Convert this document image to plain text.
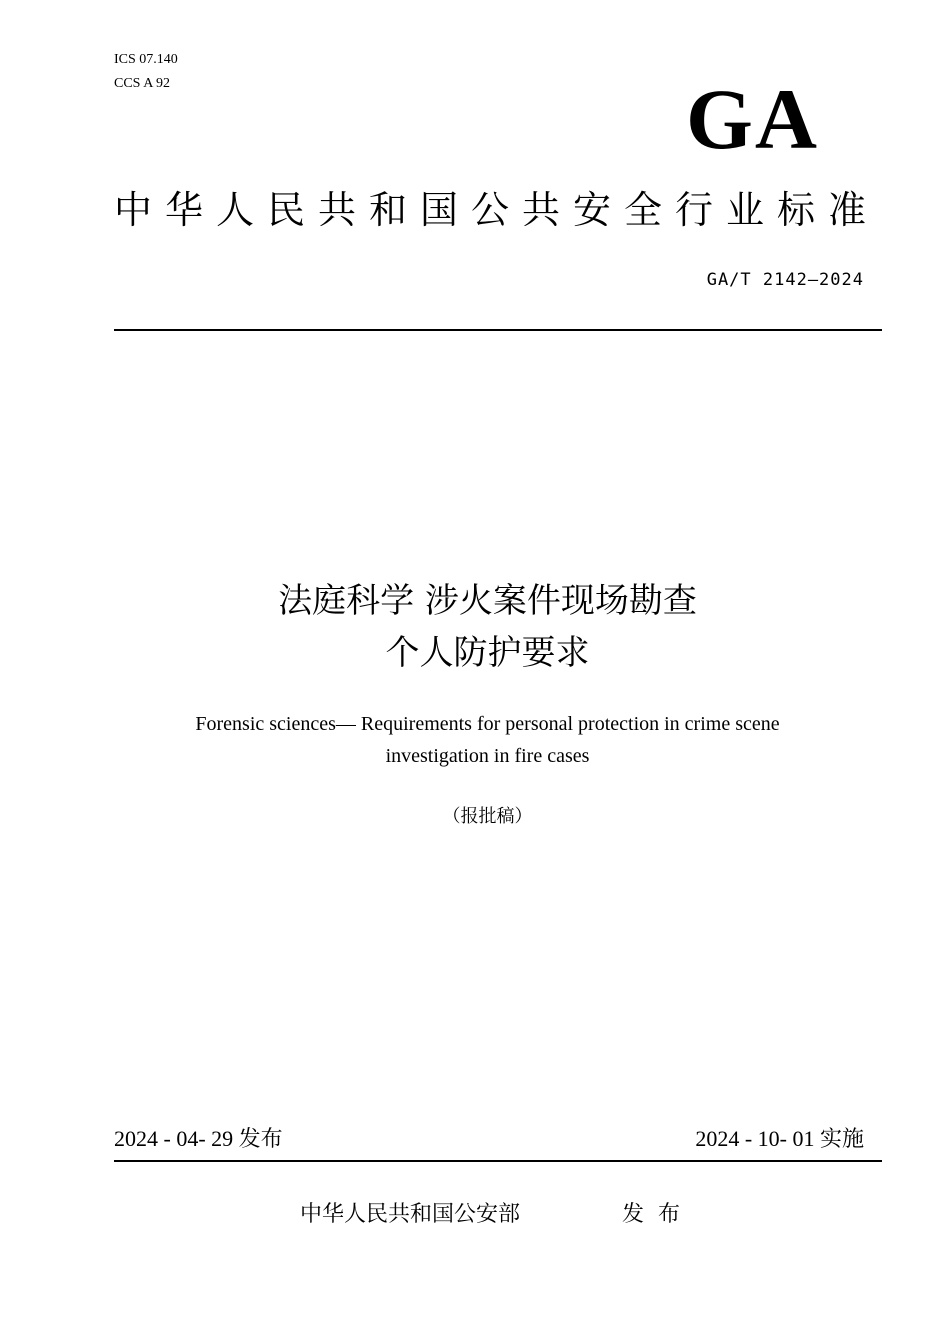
ICS 07.140
CCS A 92	GA
中华人民共和国公共安全行业标准
GA/T 2142—2024
法庭科学 涉火案件现场勘查
个人防护要求
Forensic sciences— Requirements for personal protection in crime scene
investigation in fire cases
（报批稿）
2024 - 04- 29 发布	2024 - 10- 01 实施
中华人民共和国公安部	发布
